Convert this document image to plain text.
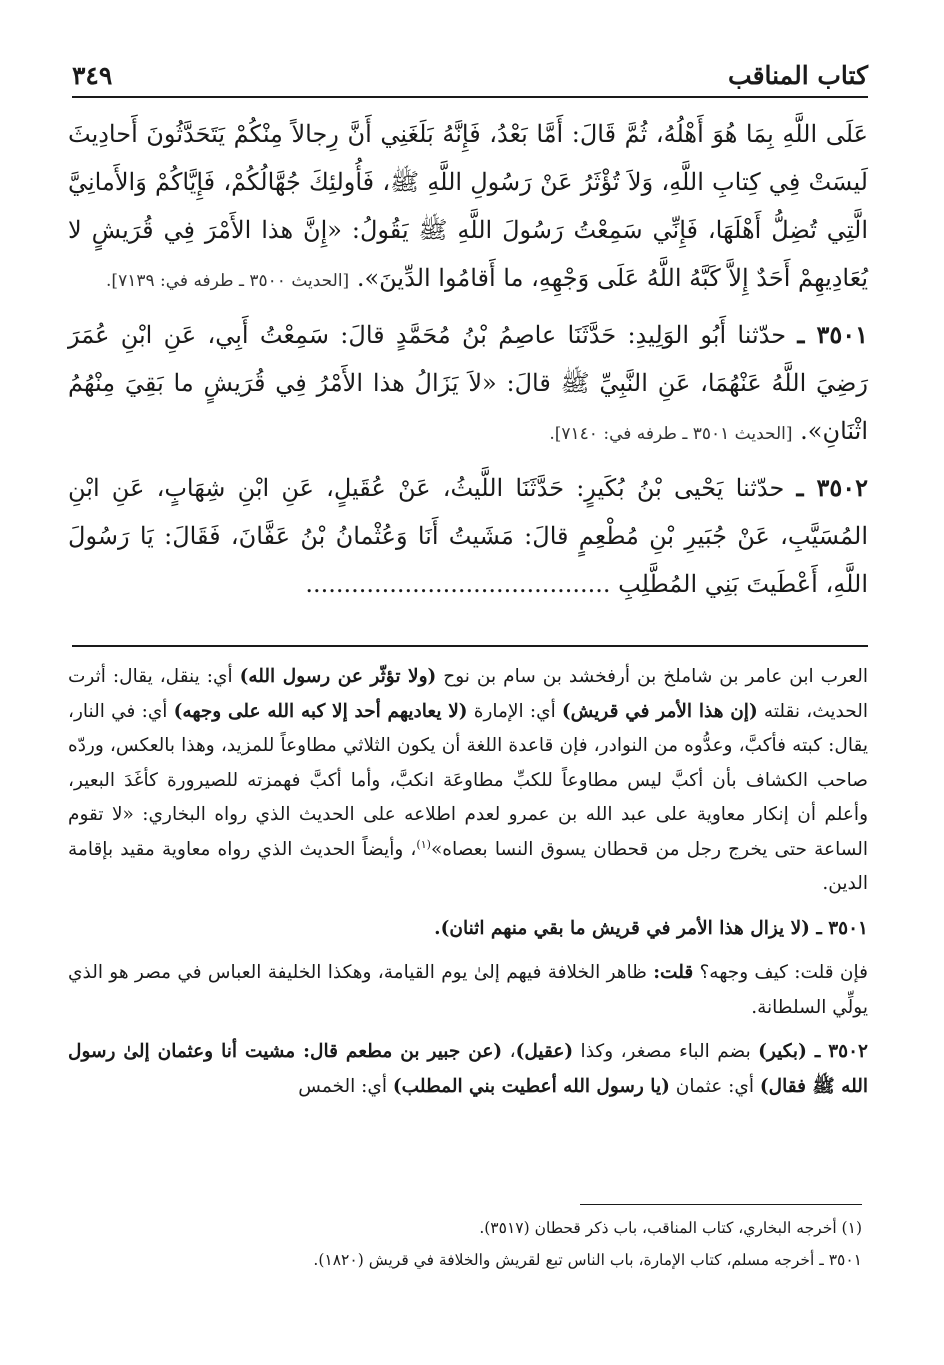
كتاب المناقب
٣٤٩

عَلَى اللَّهِ بِمَا هُوَ أَهْلُهُ، ثُمَّ قَالَ: أَمَّا بَعْدُ، فَإِنَّهُ بَلَغَنِي أَنَّ رِجالاً مِنْكُمْ يَتَحَدَّثُونَ أَحادِيثَ لَيسَتْ فِي كِتابِ اللَّهِ، وَلاَ تُؤْثَرُ عَنْ رَسُولِ اللَّهِ ﷺ، فَأُولئِكَ جُهَّالُكُمْ، فَإِيَّاكُمْ وَالأَمانِيَّ الَّتِي تُضِلُّ أَهْلَهَا، فَإِنِّي سَمِعْتُ رَسُولَ اللَّهِ ﷺ يَقُولُ: «إِنَّ هذا الأَمْرَ فِي قُرَيشٍ لا يُعَادِيهِمْ أَحَدٌ إِلاَّ كَبَّهُ اللَّهُ عَلَى وَجْهِهِ، ما أَقامُوا الدِّينَ». [الحديث ٣٥٠٠ ـ طرفه في: ٧١٣٩].

٣٥٠١ ـ حدّثنا أَبُو الوَلِيدِ: حَدَّثَنَا عاصِمُ بْنُ مُحَمَّدٍ قالَ: سَمِعْتُ أَبِي، عَنِ ابْنِ عُمَرَ رَضِيَ اللَّهُ عَنْهُمَا، عَنِ النَّبِيِّ ﷺ قالَ: «لاَ يَزَالُ هذا الأَمْرُ فِي قُرَيشٍ ما بَقِيَ مِنْهُمُ اثْنَانِ». [الحديث ٣٥٠١ ـ طرفه في: ٧١٤٠].

٣٥٠٢ ـ حدّثنا يَحْيى بْنُ بُكَيرٍ: حَدَّثَنَا اللَّيثُ، عَنْ عُقَيلٍ، عَنِ ابْنِ شِهَابٍ، عَنِ ابْنِ المُسَيَّبِ، عَنْ جُبَيرِ بْنِ مُطْعِمٍ قالَ: مَشَيتُ أَنَا وَعُثْمانُ بْنُ عَفَّانَ، فَقَالَ: يَا رَسُولَ اللَّهِ، أَعْطَيتَ بَنِي المُطَّلِبِ ........................................

العرب ابن عامر بن شاملخ بن أرفخشد بن سام بن نوح (ولا تؤثّر عن رسول الله) أي: ينقل، يقال: أثرت الحديث، نقلته (إن هذا الأمر في قريش) أي: الإمارة (لا يعاديهم أحد إلا كبه الله على وجهه) أي: في النار، يقال: كبته فأكبَّ، وعدُّوه من النوادر، فإن قاعدة اللغة أن يكون الثلاثي مطاوعاً للمزيد، وهذا بالعكس، وردّه صاحب الكشاف بأن أكبَّ ليس مطاوعاً للكبِّ مطاوعَة انكبَّ، وأما أكبَّ فهمزته للصيرورة كأغَدَ البعير، وأعلم أن إنكار معاوية على عبد الله بن عمرو لعدم اطلاعه على الحديث الذي رواه البخاري: «لا تقوم الساعة حتى يخرج رجل من قحطان يسوق النسا بعصاه»$^{(١)}$، وأيضاً الحديث الذي رواه معاوية مقيد بإقامة الدين.

٣٥٠١ ـ (لا يزال هذا الأمر في قريش ما بقي منهم اثنان).

فإن قلت: كيف وجهه؟ قلت: ظاهر الخلافة فيهم إلىٰ يوم القيامة، وهكذا الخليفة العباس في مصر هو الذي يولِّي السلطانة.

٣٥٠٢ ـ (بكير) بضم الباء مصغر، وكذا (عقيل)، (عن جبير بن مطعم قال: مشيت أنا وعثمان إلىٰ رسول الله ﷺ فقال) أي: عثمان (يا رسول الله أعطيت بني المطلب) أي: الخمس

(١) أخرجه البخاري، كتاب المناقب، باب ذكر قحطان (٣٥١٧).

٣٥٠١ ـ أخرجه مسلم، كتاب الإمارة، باب الناس تبع لقريش والخلافة في قريش (١٨٢٠).
